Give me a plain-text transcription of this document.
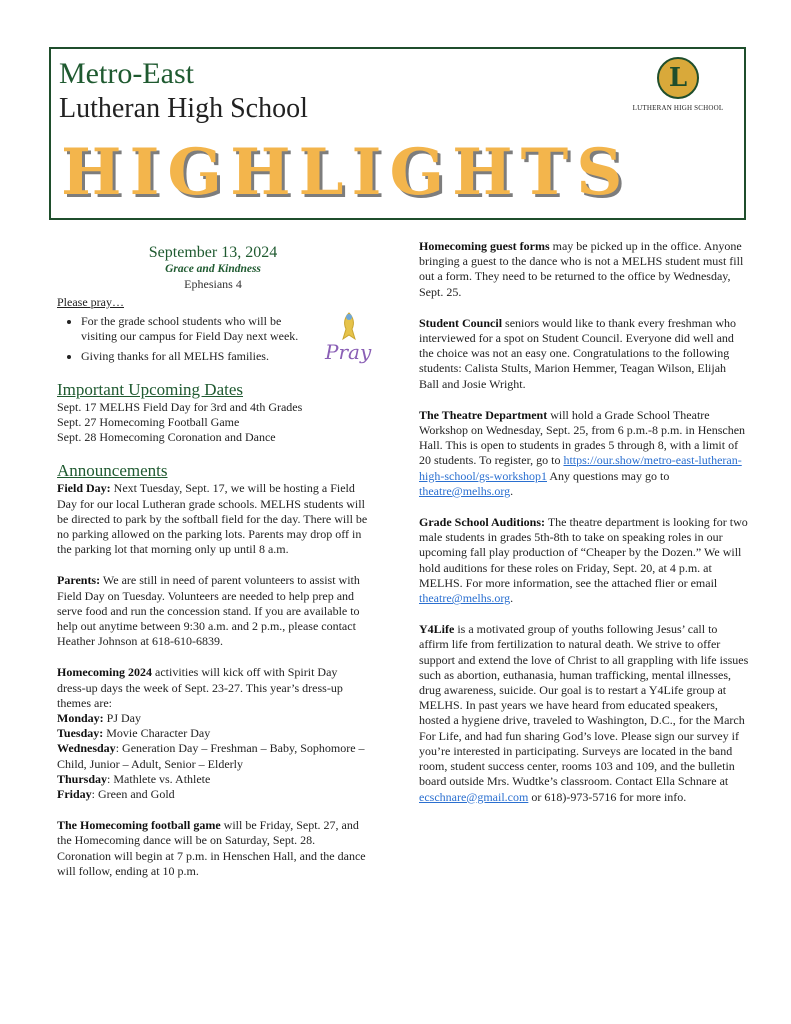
Metro-East
Lutheran High School
HIGHLIGHTS
L
LUTHERAN HIGH SCHOOL
September 13, 2024
Grace and Kindness
Ephesians 4
Please pray…
• For the grade school students who will be visiting our campus for Field Day next week.
• Giving thanks for all MELHS families.	Pray
Important Upcoming Dates
Sept. 17 MELHS Field Day for 3rd and 4th Grades
Sept. 27 Homecoming Football Game
Sept. 28 Homecoming Coronation and Dance
Announcements

Field Day: Next Tuesday, Sept. 17, we will be hosting a Field Day for our local Lutheran grade schools. MELHS students will be directed to park by the softball field for the day. There will be no parking allowed on the parking lots. Parents may drop off in the parking lot that morning only up until 8 a.m.

Parents: We are still in need of parent volunteers to assist with Field Day on Tuesday. Volunteers are needed to help prep and serve food and run the concession stand. If you are available to help out anytime between 9:30 a.m. and 2 p.m., please contact Heather Johnson at 618-610-6839.

Homecoming 2024 activities will kick off with Spirit Day dress-up days the week of Sept. 23-27. This year’s dress-up themes are:

Monday: PJ Day
Tuesday: Movie Character Day
Wednesday: Generation Day – Freshman – Baby, Sophomore – Child, Junior – Adult, Senior – Elderly
Thursday: Mathlete vs. Athlete
Friday: Green and Gold

The Homecoming football game will be Friday, Sept. 27, and the Homecoming dance will be on Saturday, Sept. 28. Coronation will begin at 7 p.m. in Henschen Hall, and the dance will follow, ending at 10 p.m.

Homecoming guest forms may be picked up in the office. Anyone bringing a guest to the dance who is not a MELHS student must fill out a form. They need to be returned to the office by Wednesday, Sept. 25.

Student Council seniors would like to thank every freshman who interviewed for a spot on Student Council. Everyone did well and the choice was not an easy one. Congratulations to the following students: Calista Stults, Marion Hemmer, Teagan Wilson, Elijah Ball and Josie Wright.

The Theatre Department will hold a Grade School Theatre Workshop on Wednesday, Sept. 25, from 6 p.m.-8 p.m. in Henschen Hall. This is open to students in grades 5 through 8, with a limit of 20 students. To register, go to https://our.show/metro-east-lutheran-high-school/gs-workshop1 Any questions may go to theatre@melhs.org.

Grade School Auditions: The theatre department is looking for two male students in grades 5th-8th to take on speaking roles in our upcoming fall play production of “Cheaper by the Dozen.” We will hold auditions for these roles on Friday, Sept. 20, at 4 p.m. at MELHS. For more information, see the attached flier or email theatre@melhs.org.

Y4Life is a motivated group of youths following Jesus’ call to affirm life from fertilization to natural death. We strive to offer support and extend the love of Christ to all grappling with life issues such as abortion, euthanasia, human trafficking, mental illnesses, drug awareness, suicide. Our goal is to restart a Y4Life group at MELHS. In past years we have heard from educated speakers, hosted a hygiene drive, traveled to Washington, D.C., for the March For Life, and had fun sharing God’s love. Please sign our survey if you’re interested in participating. Surveys are located in the band room, student success center, rooms 103 and 109, and the bulletin board outside Mrs. Wudtke’s classroom. Contact Ella Schnare at ecschnare@gmail.com or 618)-973-5716 for more info.
